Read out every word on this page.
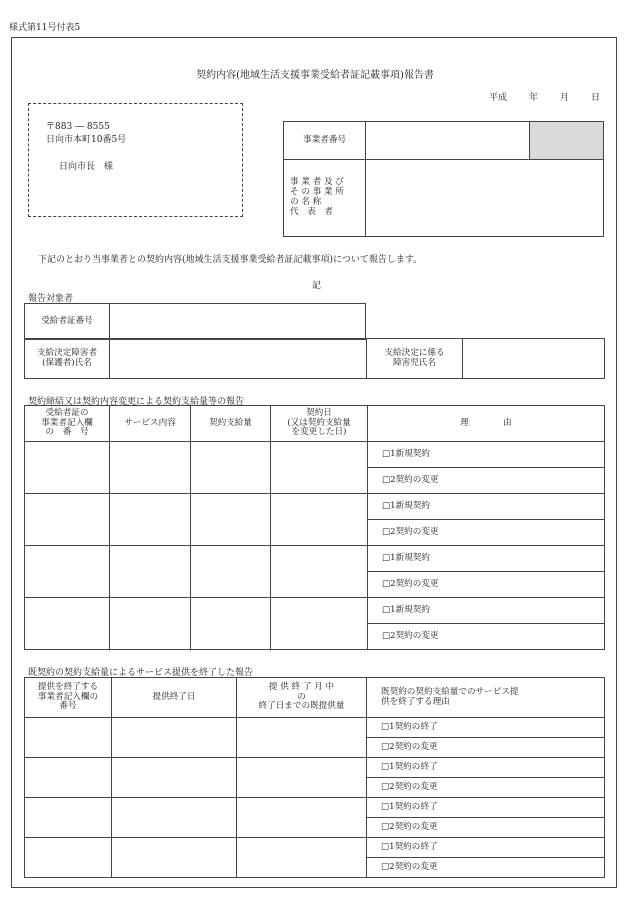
様式第11号付表5
契約内容(地域生活支援事業受給者証記載事項)報告書
平成 年 月 日
〒883 ― 8555
日向市本町10番5号
日向市長　様
事業者番号	

事 業 者 及 び
そ の 事 業 所
の 名 称
代　表　者		
下記のとおり当事業者との契約内容(地域生活支援事業受給者証記載事項)について報告します。
記
報告対象者
受給者証番号	
支給決定障害者
(保護者)氏名		支給決定に係る
障害児氏名	
契約締結又は契約内容変更による契約支給量等の報告
受給者証の
事業者記入欄
の　番　号	サービス内容	契約支給量	契約日
(又は契約支給量
を変更した日)	理　　　　由
				□1新規契約
				□2契約の変更
				□1新規契約
				□2契約の変更
				□1新規契約
				□2契約の変更
				□1新規契約
				□2契約の変更
既契約の契約支給量によるサービス提供を終了した報告
提供を終了する
事業者記入欄の
番号	提供終了日	提 供 終 了 月 中
の
終了日までの既提供量	既契約の契約支給量でのサービス提
供を終了する理由
			□1契約の終了
			□2契約の変更
			□1契約の終了
			□2契約の変更
			□1契約の終了
			□2契約の変更
			□1契約の終了
			□2契約の変更
